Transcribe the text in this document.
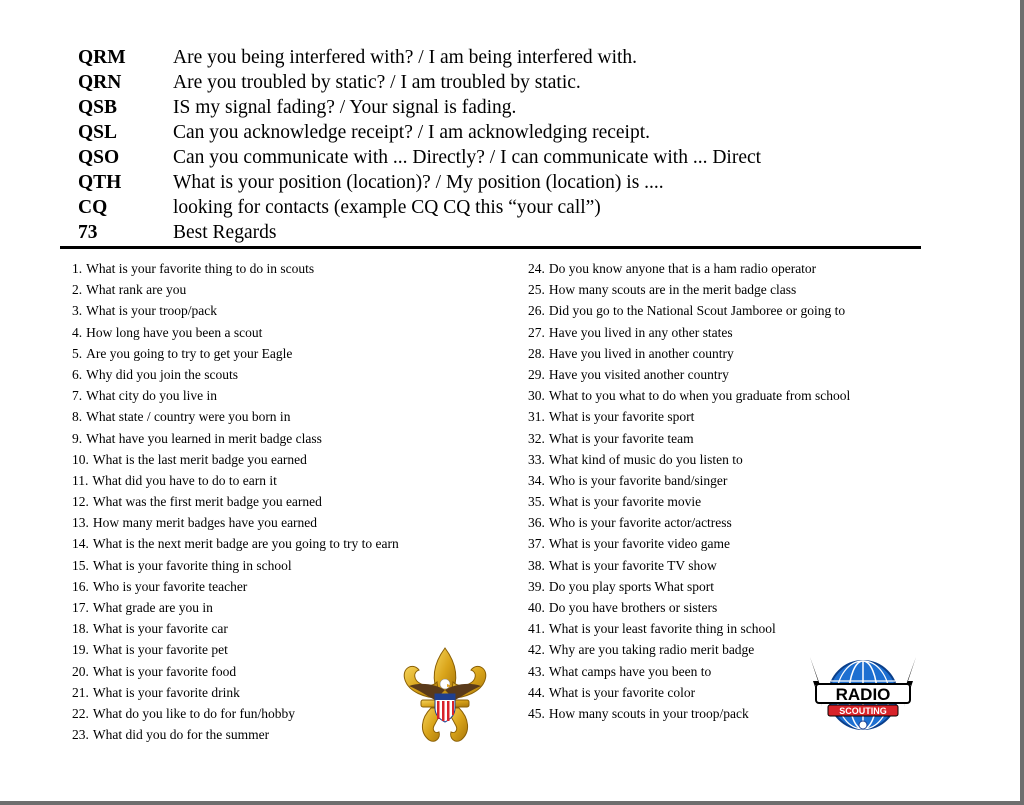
QRM	Are you being interfered with? / I am being interfered with.
QRN	Are you troubled by static? / I am troubled by static.
QSB	IS my signal fading? / Your signal is fading.
QSL	Can you acknowledge receipt? / I am acknowledging receipt.
QSO	Can you communicate with ... Directly? / I can communicate with ... Direct
QTH	What is your position (location)? / My position (location) is ....
CQ	looking for contacts (example CQ CQ this “your call”)
73	Best Regards
1. What is your favorite thing to do in scouts
2. What rank are you
3. What is your troop/pack
4. How long have you been a scout
5. Are you going to try to get your Eagle
6. Why did you join the scouts
7. What city do you live in
8. What state / country were you born in
9. What have you learned in merit badge class
10. What is the last merit badge you earned
11. What did you have to do to earn it
12. What was the first merit badge you earned
13. How many merit badges have you earned
14. What is the next merit badge are you going to try to earn
15. What is your favorite thing in school
16. Who is your favorite teacher
17. What grade are you in
18. What is your favorite car
19. What is your favorite pet
20. What is your favorite food
21. What is your favorite drink
22. What do you like to do for fun/hobby
23. What did you do for the summer
24. Do you know anyone that is a ham radio operator
25. How many scouts are in the merit badge class
26. Did you go to the National Scout Jamboree or going to
27. Have you lived in any other states
28. Have you lived in another country
29. Have you visited another country
30. What to you what to do when you graduate from school
31. What is your favorite sport
32. What is your favorite team
33. What kind of music do you listen to
34. Who is your favorite band/singer
35. What is your favorite movie
36. Who is your favorite actor/actress
37. What is your favorite video game
38. What is your favorite TV show
39. Do you play sports What sport
40. Do you have brothers or sisters
41. What is your least favorite thing in school
42. Why are you taking radio merit badge
43. What camps have you been to
44. What is your favorite color
45. How many scouts in your troop/pack
RADIO
SCOUTING
